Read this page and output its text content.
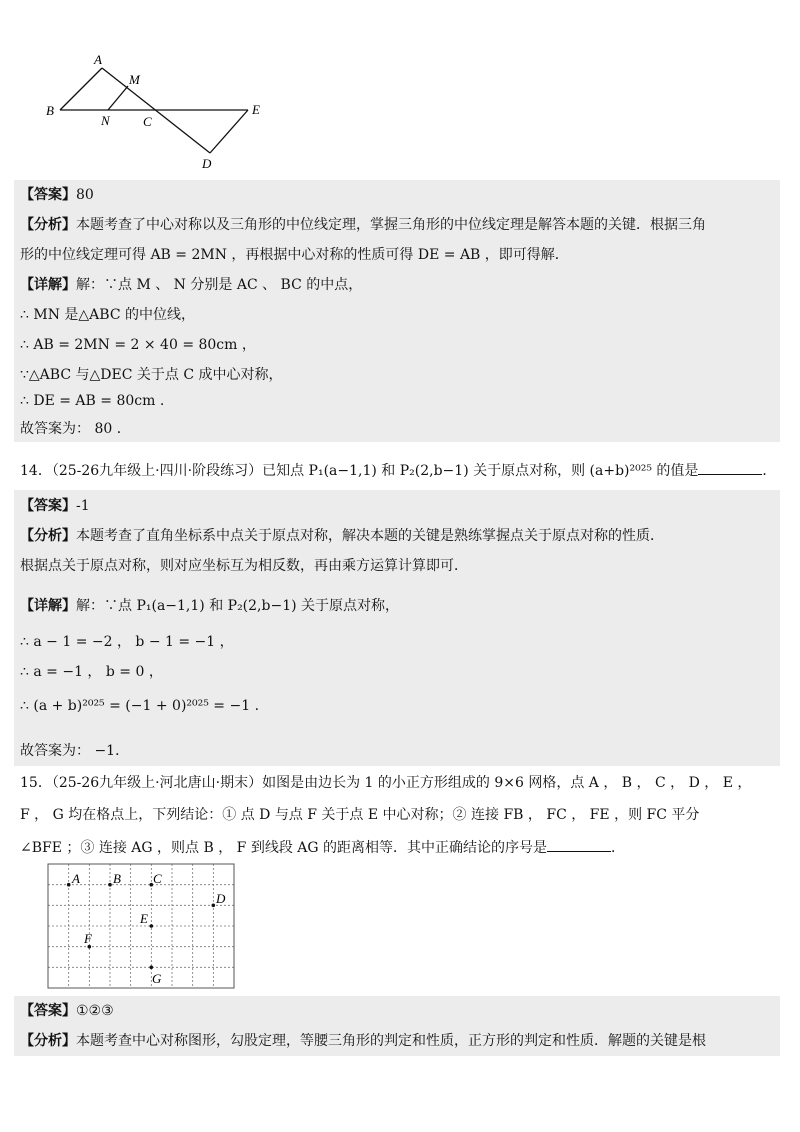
A
M
B
N	C
E
D
【答案】80
【分析】本题考查了中心对称以及三角形的中位线定理，掌握三角形的中位线定理是解答本题的关键．根据三角
形的中位线定理可得 AB = 2MN ，再根据中心对称的性质可得 DE = AB ，即可得解．
【详解】解：∵点 M 、 N 分别是 AC 、 BC 的中点，
∴ MN 是△ABC 的中位线，
∴ AB = 2MN = 2 × 40 = 80cm ，
∵△ABC 与△DEC 关于点 C 成中心对称，
∴ DE = AB = 80cm .
故答案为： 80 ．
14．（25-26九年级上·四川·阶段练习）已知点 P₁(a−1,1) 和 P₂(2,b−1) 关于原点对称，则 (a+b)²⁰²⁵ 的值是	．
【答案】-1
【分析】本题考查了直角坐标系中点关于原点对称，解决本题的关键是熟练掌握点关于原点对称的性质．
根据点关于原点对称，则对应坐标互为相反数，再由乘方运算计算即可．
【详解】解：∵点 P₁(a−1,1) 和 P₂(2,b−1) 关于原点对称，
∴ a − 1 = −2 ， b − 1 = −1 ，
∴ a = −1 ， b = 0 ，
∴ (a + b)²⁰²⁵ = (−1 + 0)²⁰²⁵ = −1 .
故答案为： −1．
15．（25-26九年级上·河北唐山·期末）如图是由边长为 1 的小正方形组成的 9×6 网格，点 A ， B ， C ， D ， E ，
F ， G 均在格点上，下列结论：① 点 D 与点 F 关于点 E 中心对称；② 连接 FB ， FC ， FE ，则 FC 平分
∠BFE ；③ 连接 AG ，则点 B ， F 到线段 AG 的距离相等．其中正确结论的序号是	．
A	B C
D
E
F
G
【答案】①②③
【分析】本题考查中心对称图形，勾股定理，等腰三角形的判定和性质，正方形的判定和性质．解题的关键是根
